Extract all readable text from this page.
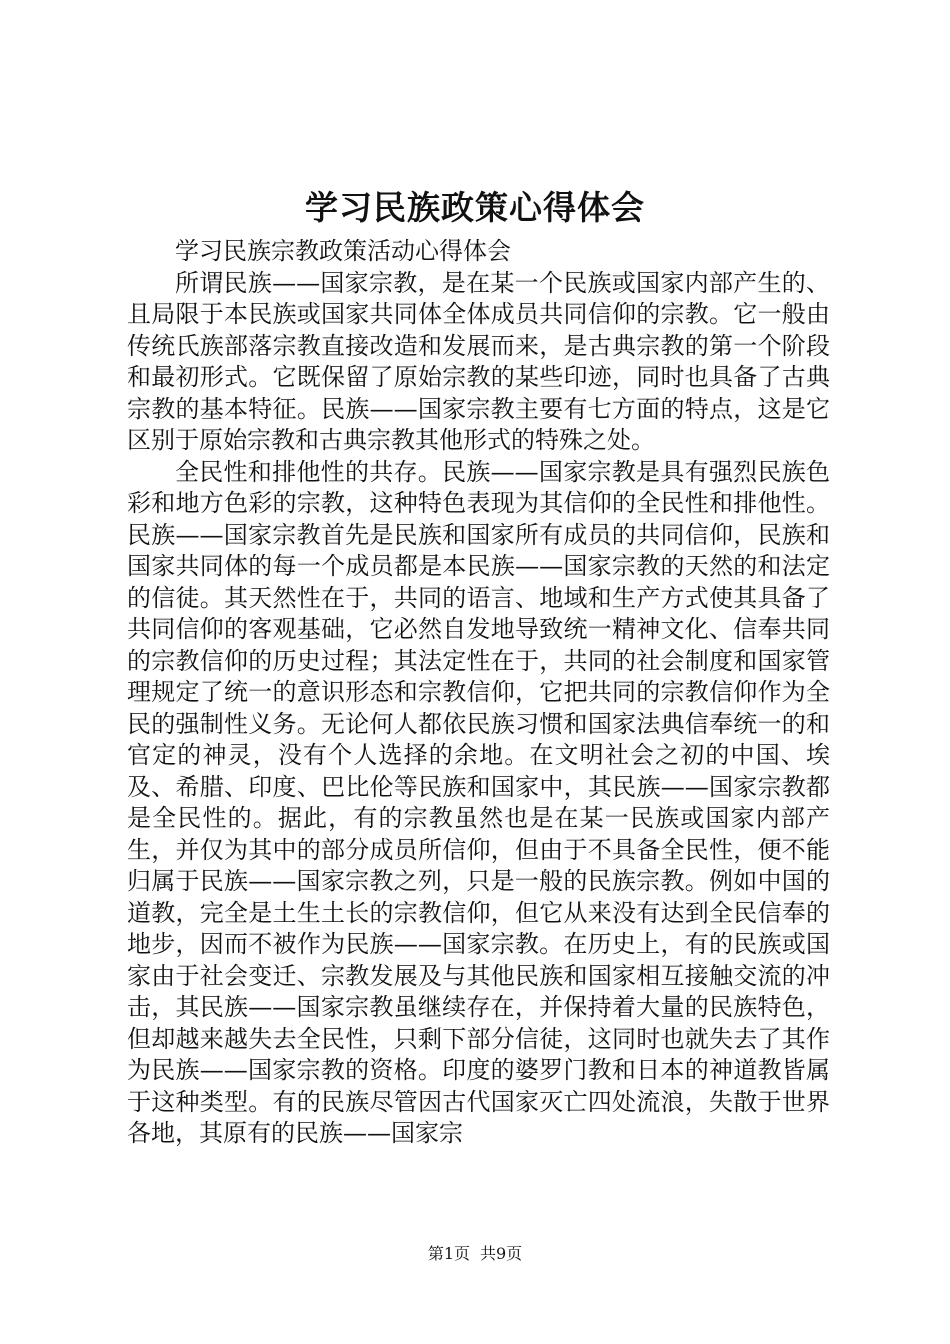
学习民族政策心得体会
学习民族宗教政策活动心得体会

所谓民族——国家宗教，是在某一个民族或国家内部产生的、且局限于本民族或国家共同体全体成员共同信仰的宗教。它一般由传统氏族部落宗教直接改造和发展而来，是古典宗教的第一个阶段和最初形式。它既保留了原始宗教的某些印迹，同时也具备了古典宗教的基本特征。民族——国家宗教主要有七方面的特点，这是它区别于原始宗教和古典宗教其他形式的特殊之处。

全民性和排他性的共存。民族——国家宗教是具有强烈民族色彩和地方色彩的宗教，这种特色表现为其信仰的全民性和排他性。民族——国家宗教首先是民族和国家所有成员的共同信仰，民族和国家共同体的每一个成员都是本民族——国家宗教的天然的和法定的信徒。其天然性在于，共同的语言、地域和生产方式使其具备了共同信仰的客观基础，它必然自发地导致统一精神文化、信奉共同的宗教信仰的历史过程；其法定性在于，共同的社会制度和国家管理规定了统一的意识形态和宗教信仰，它把共同的宗教信仰作为全民的强制性义务。无论何人都依民族习惯和国家法典信奉统一的和官定的神灵，没有个人选择的余地。在文明社会之初的中国、埃及、希腊、印度、巴比伦等民族和国家中，其民族——国家宗教都是全民性的。据此，有的宗教虽然也是在某一民族或国家内部产生，并仅为其中的部分成员所信仰，但由于不具备全民性，便不能归属于民族——国家宗教之列，只是一般的民族宗教。例如中国的道教，完全是土生土长的宗教信仰，但它从来没有达到全民信奉的地步，因而不被作为民族——国家宗教。在历史上，有的民族或国家由于社会变迁、宗教发展及与其他民族和国家相互接触交流的冲击，其民族——国家宗教虽继续存在，并保持着大量的民族特色，但却越来越失去全民性，只剩下部分信徒，这同时也就失去了其作为民族——国家宗教的资格。印度的婆罗门教和日本的神道教皆属于这种类型。有的民族尽管因古代国家灭亡四处流浪，失散于世界各地，其原有的民族——国家宗

第1页 共9页
